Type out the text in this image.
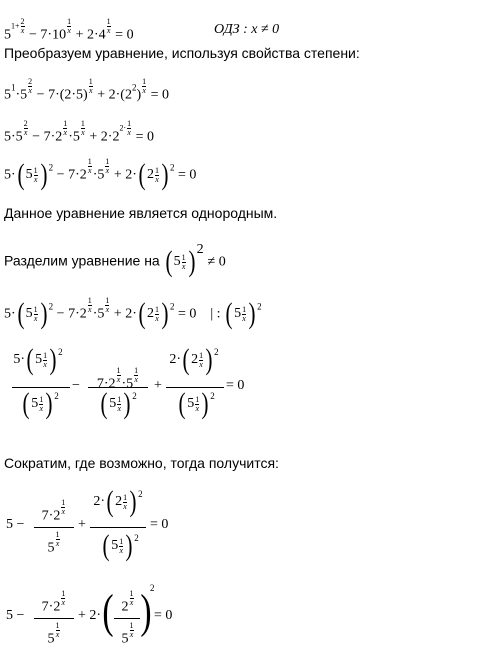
$51+ \frac{2}{x} - 7\cdot 10 \frac{1}{x} + 2\cdot 4 \frac{1}{x} = 0$	ОДЗ : x ≠ 0
Преобразуем уравнение, используя свойства степени:
$5^1\cdot 52$
x − 7·(2·5)1
$x + 2\cdot(2^2)1$
x = 0
5·52
x − 7·21
x ·51
x + 2·22·1
x = 0
5· ( 5 1
x ) $^2$ − 7·21
x ·51
x + 2· ( 2 1
x ) $^2$ = 0
Данное уравнение является однородным.
Разделим уравнение на ( 5 1
x ) $^2$ ≠ 0
5· ( 5 1
x ) $^2$ − 7·21
x ·51
x + 2· ( 2 1
x ) $^2$ = 0    | : ( 5 1
x ) $^2$
5· ( 5 1
x ) $^2$
( 5 1
x ) $^2$
−	7·21
x ·51
x
( 5 1
x ) $^2$
+
2· ( 2 1
x ) $^2$
( 5 1
x ) $^2$
= 0
Сократим, где возможно, тогда получится:
5 −
7·21
x
51
x
+
2· ( 2 1
x ) $^2$
( 5 1
x ) $^2$
= 0
5 −
7·21
x
51
x
+ 2· ( 21
x
51
x )
2
= 0
